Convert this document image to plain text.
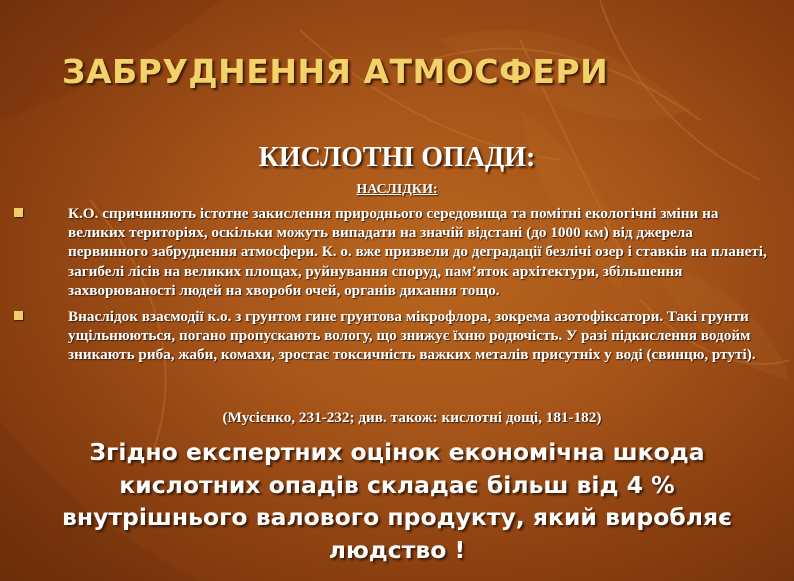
ЗАБРУДНЕННЯ АТМОСФЕРИ
КИСЛОТНІ ОПАДИ:
НАСЛІДКИ:
К.О. спричиняють істотне закислення природнього середовища та помітні екологічні зміни на великих територіях, оскільки можуть випадати на значій відстані (до 1000 км) від джерела первинного забруднення атмосфери. К. о. вже призвели до деградації безлічі озер і ставків на планеті, загибелі лісів на великих площах, руйнування споруд, пам’яток архітектури, збільшення захворюваності людей на хвороби очей, органів дихання тощо.
Внаслідок взаємодії к.о. з грунтом гине грунтова мікрофлора, зокрема азотофіксатори. Такі грунти ущільнюються, погано пропускають вологу, що знижує їхню родючість. У разі підкислення водойм зникають риба, жаби, комахи, зростає токсичність важких металів присутніх у воді (свинцю, ртуті).
(Мусієнко, 231-232; див. також: кислотні дощі, 181-182)

Згідно експертних оцінок економічна шкода кислотних опадів складає більш від 4 % внутрішнього валового продукту, який виробляє людство !
